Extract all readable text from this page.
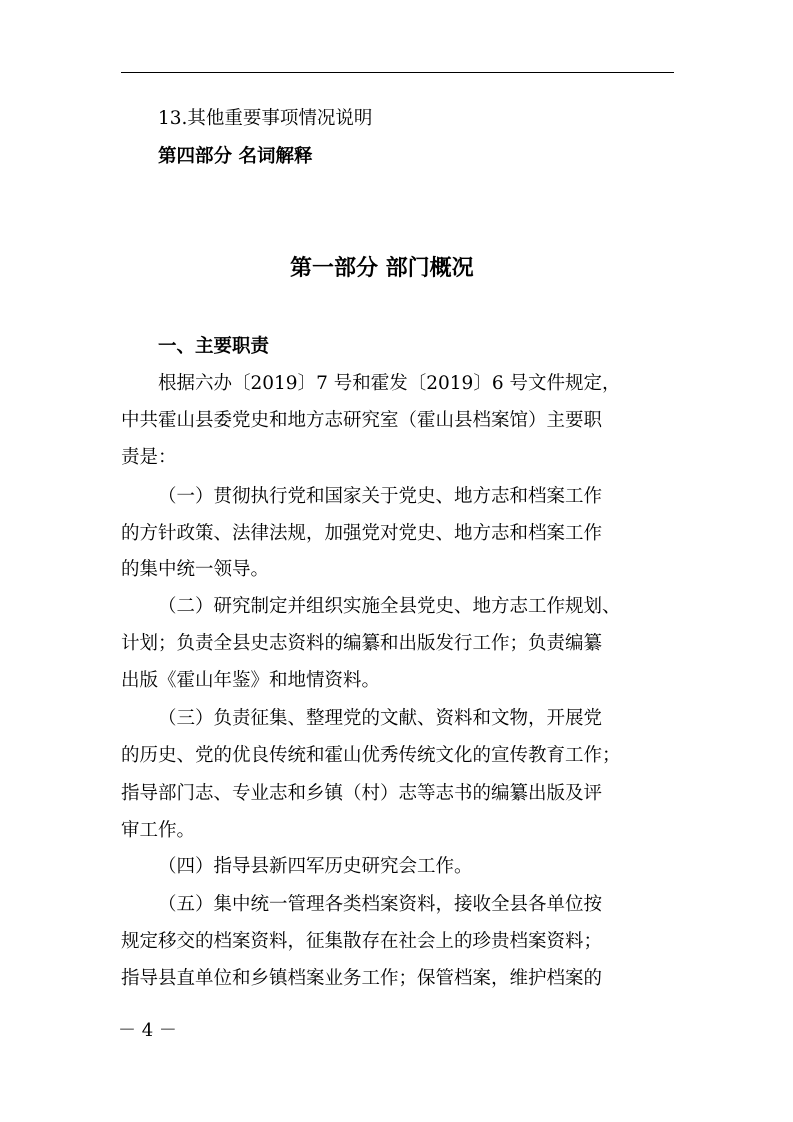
13.其他重要事项情况说明
第四部分 名词解释
第一部分 部门概况
一、主要职责
根据六办〔2019〕7 号和霍发〔2019〕6 号文件规定，
中共霍山县委党史和地方志研究室（霍山县档案馆）主要职
责是：
（一）贯彻执行党和国家关于党史、地方志和档案工作
的方针政策、法律法规，加强党对党史、地方志和档案工作
的集中统一领导。
（二）研究制定并组织实施全县党史、地方志工作规划、
计划；负责全县史志资料的编纂和出版发行工作；负责编纂
出版《霍山年鉴》和地情资料。
（三）负责征集、整理党的文献、资料和文物，开展党
的历史、党的优良传统和霍山优秀传统文化的宣传教育工作；
指导部门志、专业志和乡镇（村）志等志书的编纂出版及评
审工作。
（四）指导县新四军历史研究会工作。
（五）集中统一管理各类档案资料，接收全县各单位按
规定移交的档案资料，征集散存在社会上的珍贵档案资料；
指导县直单位和乡镇档案业务工作；保管档案，维护档案的
－ 4 －
